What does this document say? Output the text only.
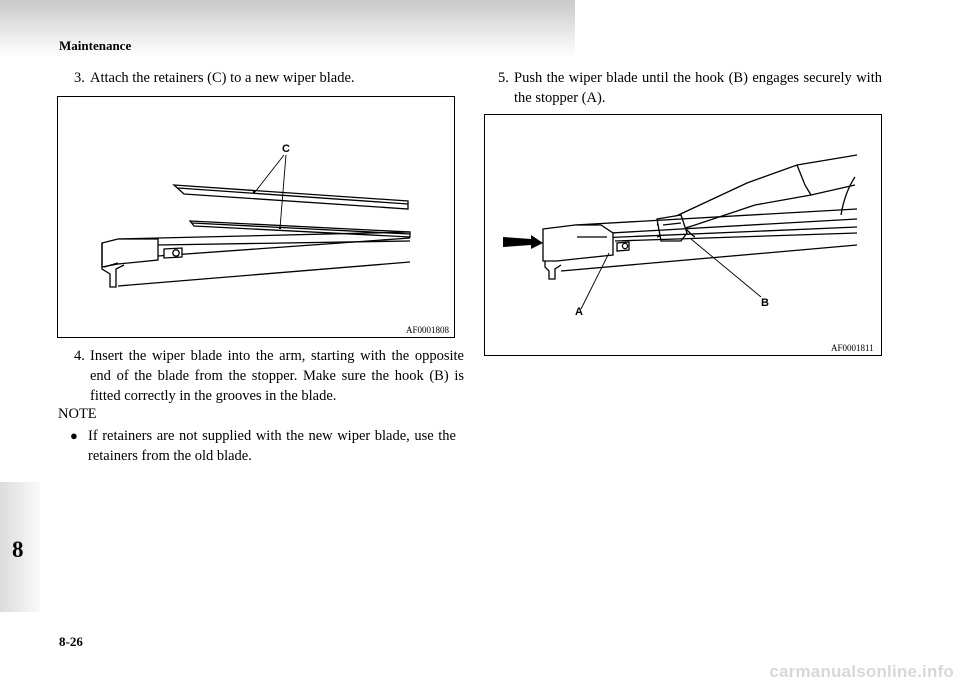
Maintenance
8
3. Attach the retainers (C) to a new wiper blade.
C
AF0001808
4. Insert the wiper blade into the arm, starting with the opposite end of the blade from the stopper. Make sure the hook (B) is fitted correctly in the grooves in the blade.
NOTE
● If retainers are not supplied with the new wiper blade, use the retainers from the old blade.
5. Push the wiper blade until the hook (B) engages securely with the stopper (A).
A
B
AF0001811
8-26
carmanualsonline.info
